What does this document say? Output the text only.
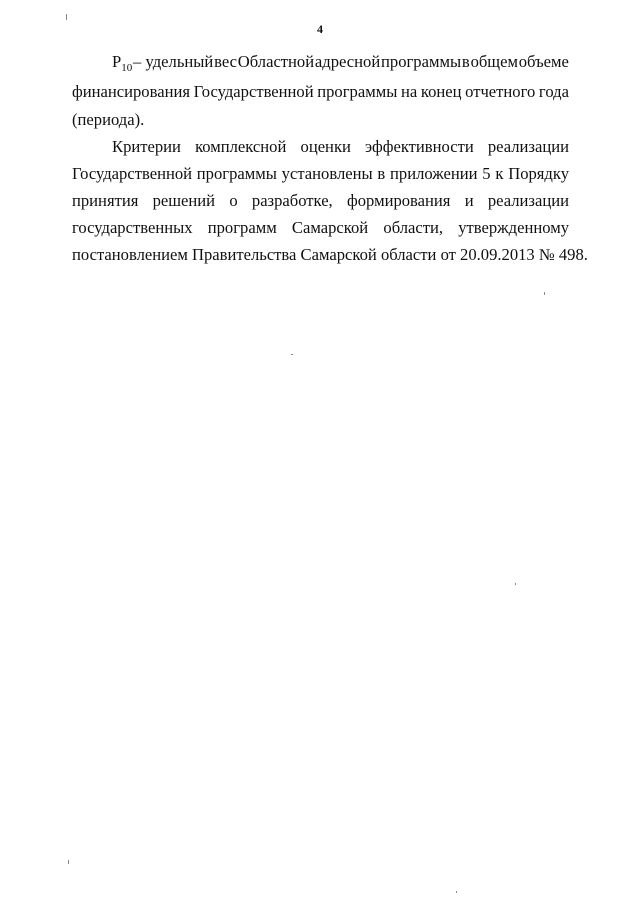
4
$P_{10}$ – удельный вес Областной адресной программы в общем объеме
финансирования Государственной программы на конец отчетного года
(периода).
Критерии комплексной оценки эффективности реализации
Государственной программы установлены в приложении 5 к Порядку
принятия решений о разработке, формирования и реализации
государственных программ Самарской области, утвержденному
постановлением Правительства Самарской области от 20.09.2013 № 498.
